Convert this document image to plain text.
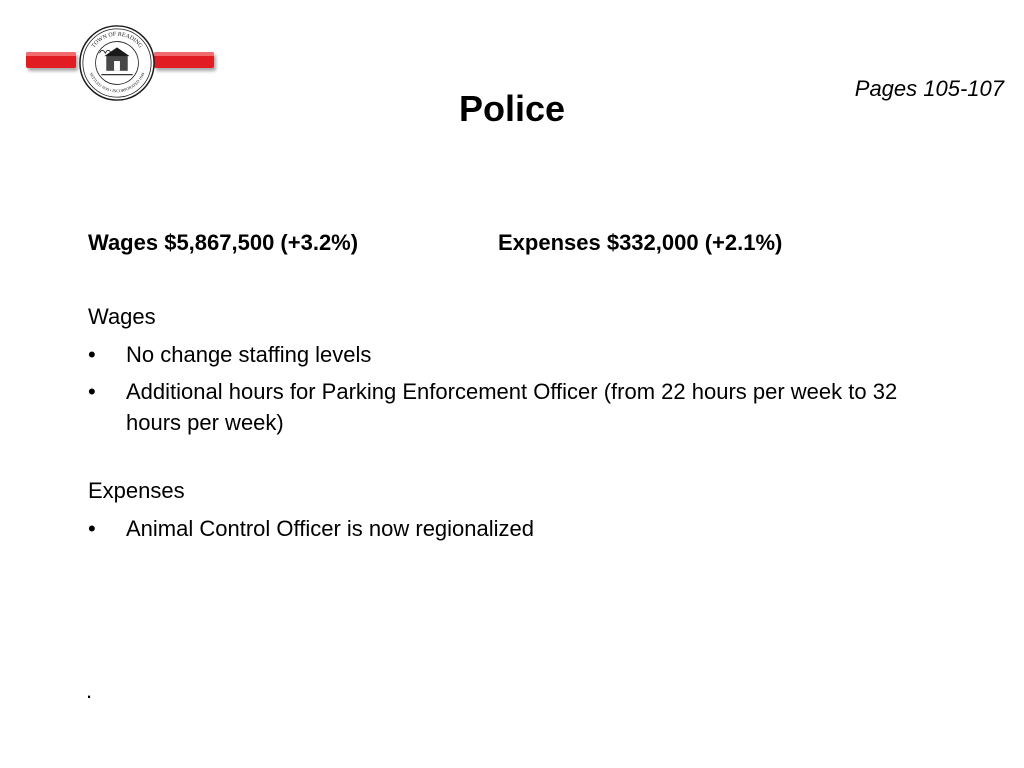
TOWN OF READING
SETTLED 1639 • INCORPORATED 1644
Police	Pages 105-107
Wages $5,867,500 (+3.2%)	Expenses $332,000 (+2.1%)
Wages
• No change staffing levels
• Additional hours for Parking Enforcement Officer (from 22 hours per week to 32 hours per week)
Expenses
• Animal Control Officer is now regionalized
.
